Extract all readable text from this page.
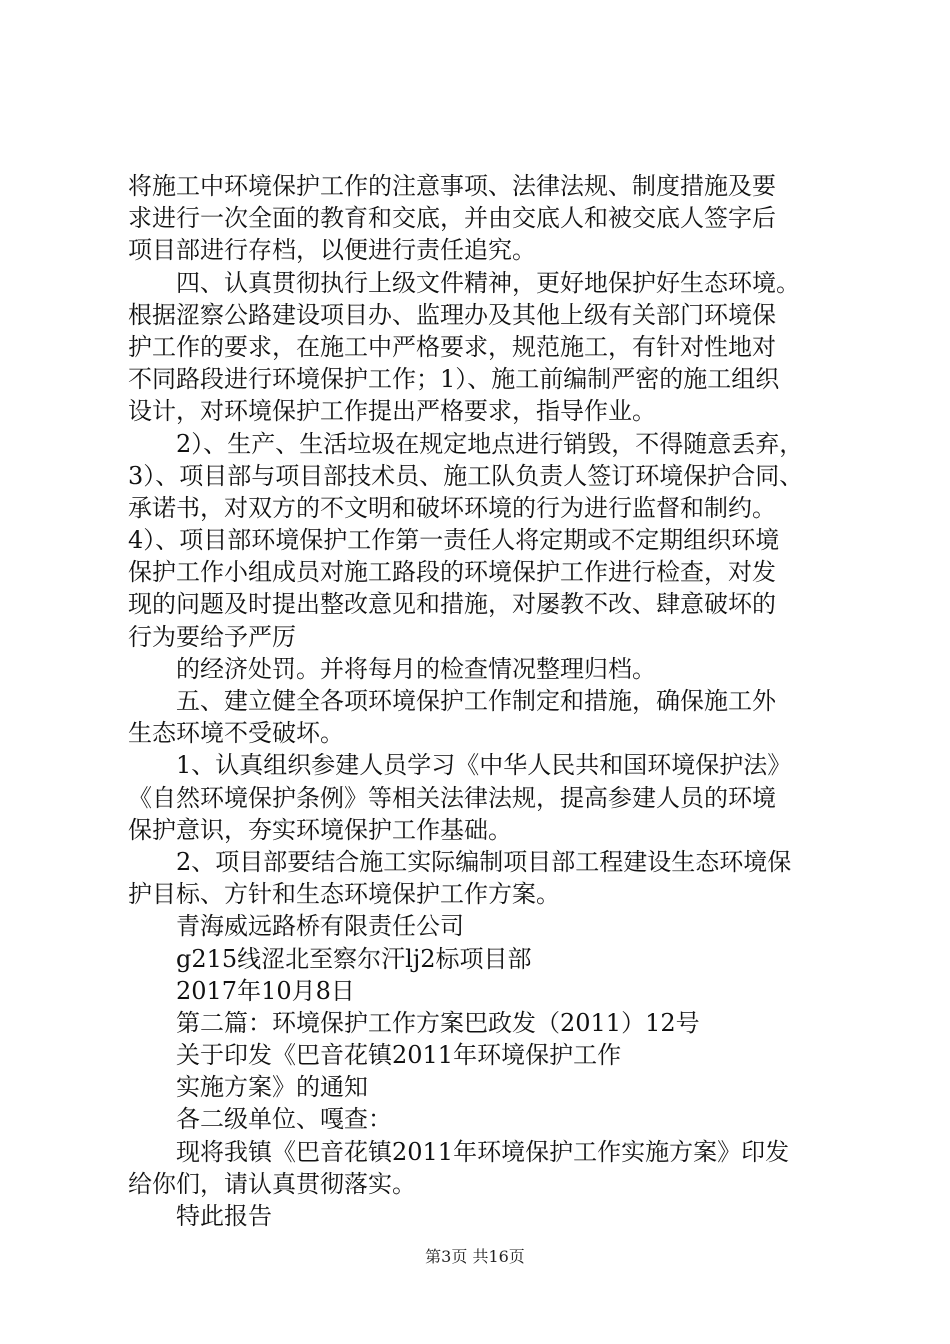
将施工中环境保护工作的注意事项、法律法规、制度措施及要
求进行一次全面的教育和交底，并由交底人和被交底人签字后
项目部进行存档，以便进行责任追究。
四、认真贯彻执行上级文件精神，更好地保护好生态环境。
根据涩察公路建设项目办、监理办及其他上级有关部门环境保
护工作的要求，在施工中严格要求，规范施工，有针对性地对
不同路段进行环境保护工作；1）、施工前编制严密的施工组织
设计，对环境保护工作提出严格要求，指导作业。
2）、生产、生活垃圾在规定地点进行销毁，不得随意丢弃，
3）、项目部与项目部技术员、施工队负责人签订环境保护合同、
承诺书，对双方的不文明和破坏环境的行为进行监督和制约。
4）、项目部环境保护工作第一责任人将定期或不定期组织环境
保护工作小组成员对施工路段的环境保护工作进行检查，对发
现的问题及时提出整改意见和措施，对屡教不改、肆意破坏的
行为要给予严厉
的经济处罚。并将每月的检查情况整理归档。
五、建立健全各项环境保护工作制定和措施，确保施工外
生态环境不受破坏。
1、认真组织参建人员学习《中华人民共和国环境保护法》
《自然环境保护条例》等相关法律法规，提高参建人员的环境
保护意识，夯实环境保护工作基础。
2、项目部要结合施工实际编制项目部工程建设生态环境保
护目标、方针和生态环境保护工作方案。
青海威远路桥有限责任公司
g215线涩北至察尔汗lj2标项目部
2017年10月8日
第二篇：环境保护工作方案巴政发（2011）12号
关于印发《巴音花镇2011年环境保护工作
实施方案》的通知
各二级单位、嘎查：
现将我镇《巴音花镇2011年环境保护工作实施方案》印发
给你们，请认真贯彻落实。
特此报告
第3页 共16页
